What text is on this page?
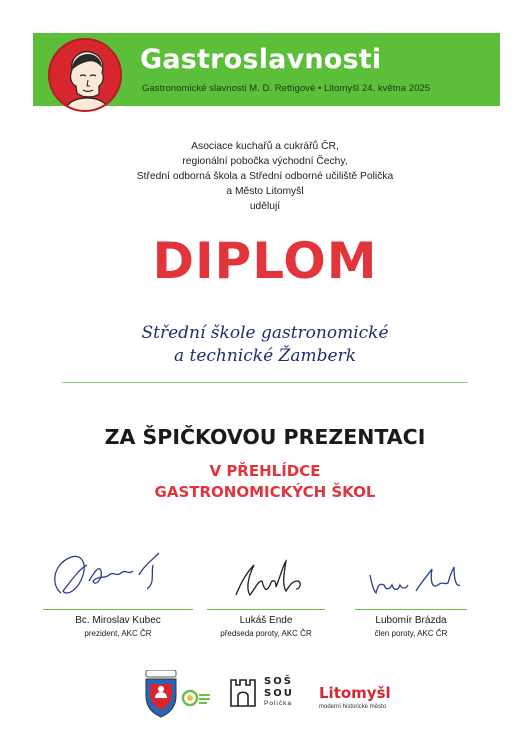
Gastroslavnosti
Gastronomické slavnosti M. D. Rettigové • Litomyšl 24. května 2025
Asociace kuchařů a cukrářů ČR,
regionální pobočka východní Čechy,
Střední odborná škola a Střední odborné učiliště Polička
a Město Litomyšl
udělují
DIPLOM
Střední škole gastronomické
a technické Žamberk
ZA ŠPIČKOVOU PREZENTACI
V PŘEHLÍDCE
GASTRONOMICKÝCH ŠKOL
Bc. Miroslav Kubec
prezident, AKC ČR
Lukáš Ende
předseda poroty, AKC ČR
Lubomír Brázda
člen poroty, AKC ČR
SOŠ
SOU
Polička
Litomyšl
moderní historické město
